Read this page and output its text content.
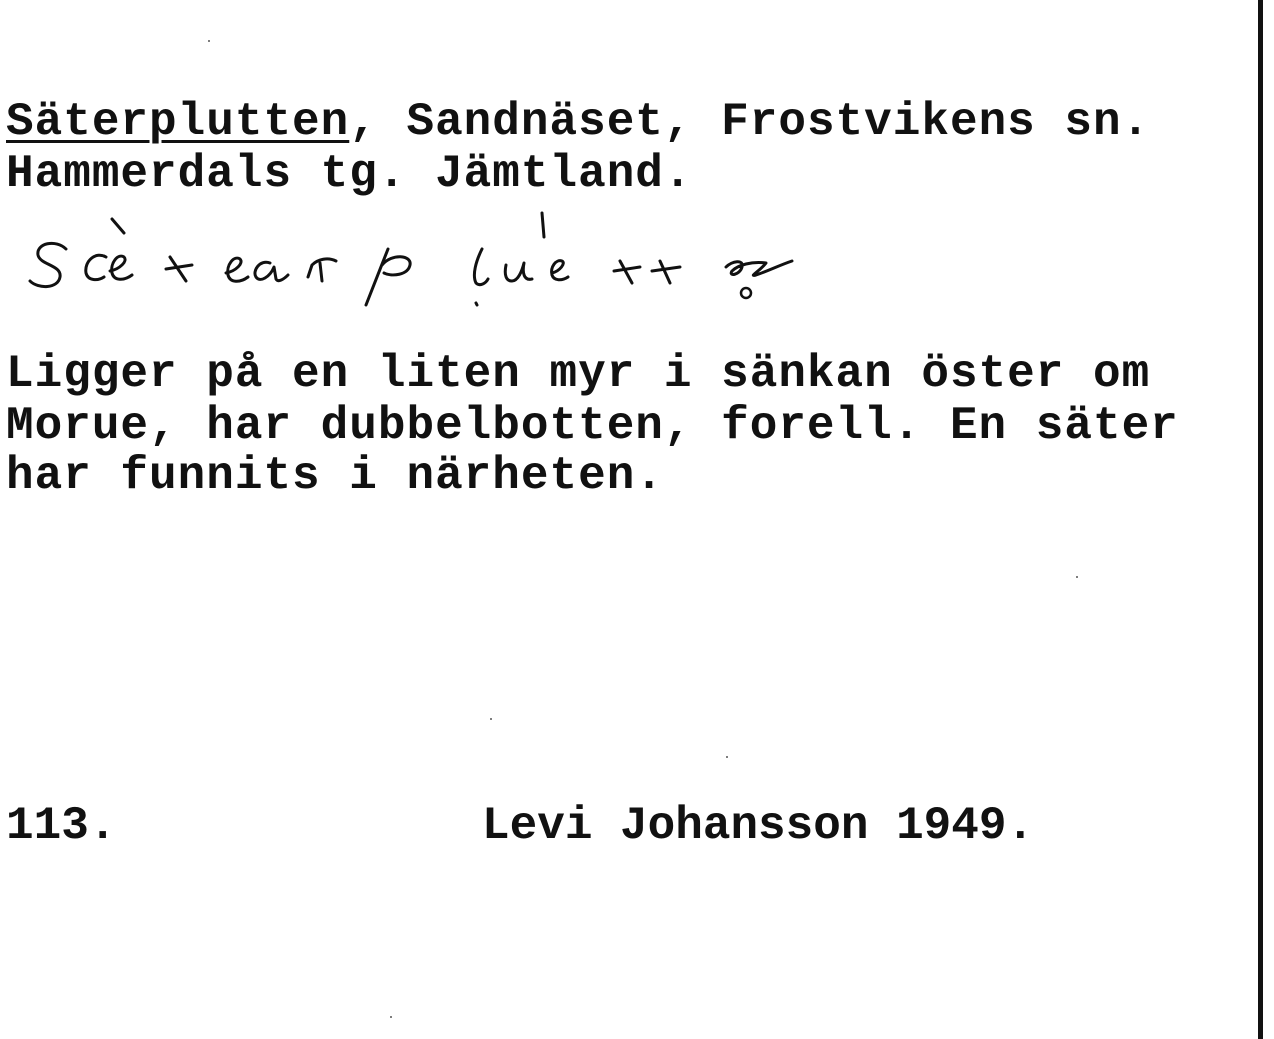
Säterplutten, Sandnäset, Frostvikens sn.

Hammerdals tg. Jämtland.

Ligger på en liten myr i sänkan öster om

Morue, har dubbelbotten, forell. En säter

har funnits i närheten.

113.	Levi Johansson 1949.
